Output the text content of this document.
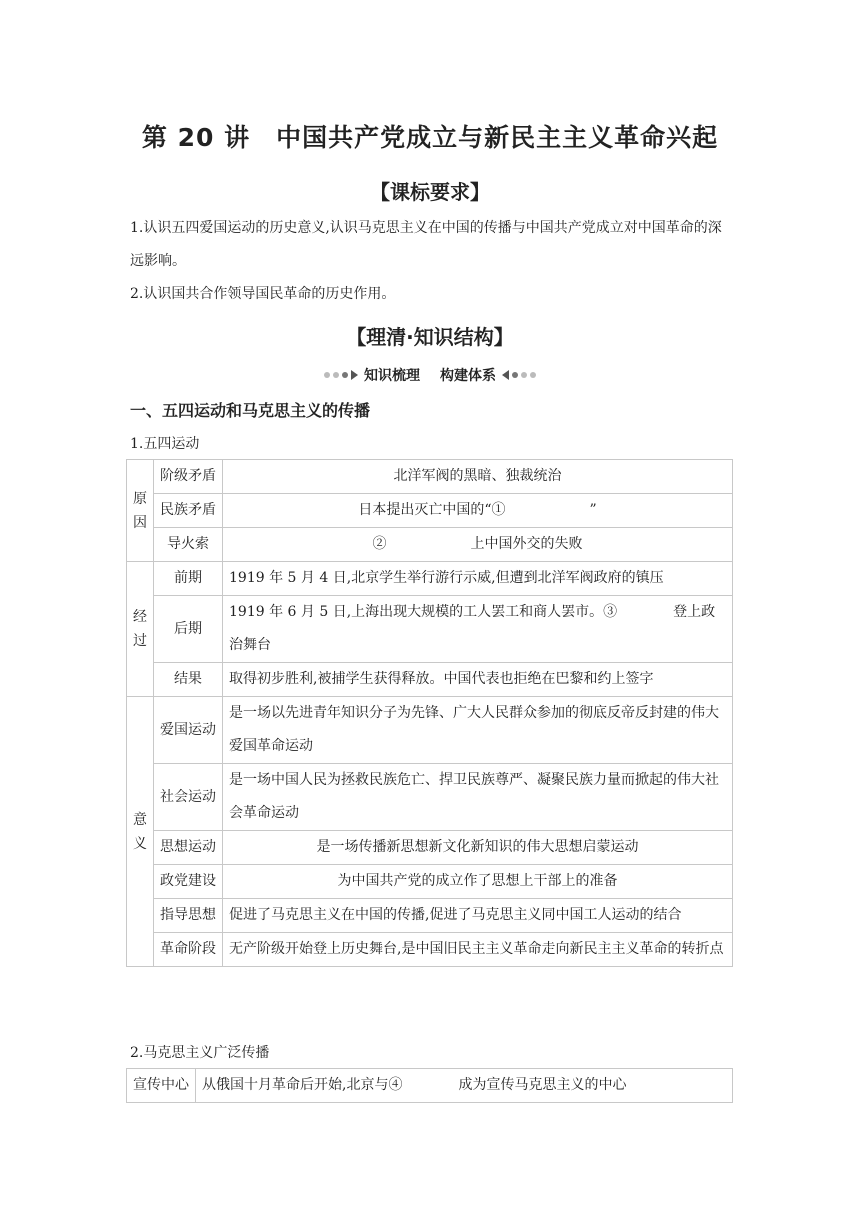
第 20 讲　中国共产党成立与新民主主义革命兴起
【课标要求】

1.认识五四爱国运动的历史意义,认识马克思主义在中国的传播与中国共产党成立对中国革命的深远影响。

2.认识国共合作领导国民革命的历史作用。

【理清·知识结构】
知识梳理 构建体系
一、五四运动和马克思主义的传播

1.五四运动

原因	阶级矛盾	北洋军阀的黑暗、独裁统治
	民族矛盾	日本提出灭亡中国的“①　　　　　　”
	导火索	②　　　　　　上中国外交的失败
经过	前期	1919 年 5 月 4 日,北京学生举行游行示威,但遭到北洋军阀政府的镇压
	后期	1919 年 6 月 5 日,上海出现大规模的工人罢工和商人罢市。③　　　　登上政治舞台
	结果	取得初步胜利,被捕学生获得释放。中国代表也拒绝在巴黎和约上签字
意义	爱国运动	是一场以先进青年知识分子为先锋、广大人民群众参加的彻底反帝反封建的伟大爱国革命运动
	社会运动	是一场中国人民为拯救民族危亡、捍卫民族尊严、凝聚民族力量而掀起的伟大社会革命运动
	思想运动	是一场传播新思想新文化新知识的伟大思想启蒙运动
	政党建设	为中国共产党的成立作了思想上干部上的准备
	指导思想	促进了马克思主义在中国的传播,促进了马克思主义同中国工人运动的结合
	革命阶段	无产阶级开始登上历史舞台,是中国旧民主主义革命走向新民主主义革命的转折点

2.马克思主义广泛传播

宣传中心	从俄国十月革命后开始,北京与④　　　　成为宣传马克思主义的中心
